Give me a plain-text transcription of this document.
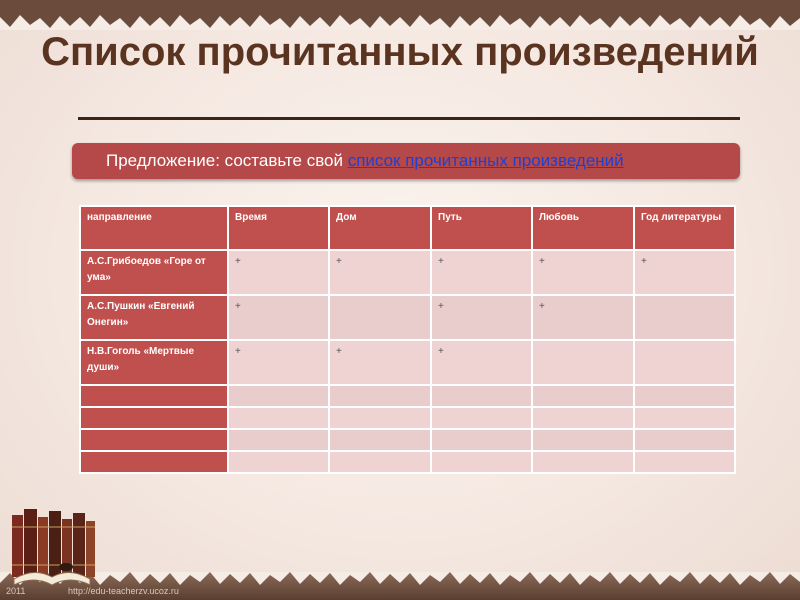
Список прочитанных произведений
Предложение: составьте свой список прочитанных произведений
направление	Время	Дом	Путь	Любовь	Год литературы
А.С.Грибоедов «Горе от ума»	+	+	+	+	+
А.С.Пушкин «Евгений Онегин»	+		+	+	
Н.В.Гоголь «Мертвые души»	+	+	+		

2011	http://edu-teacherzv.ucoz.ru
